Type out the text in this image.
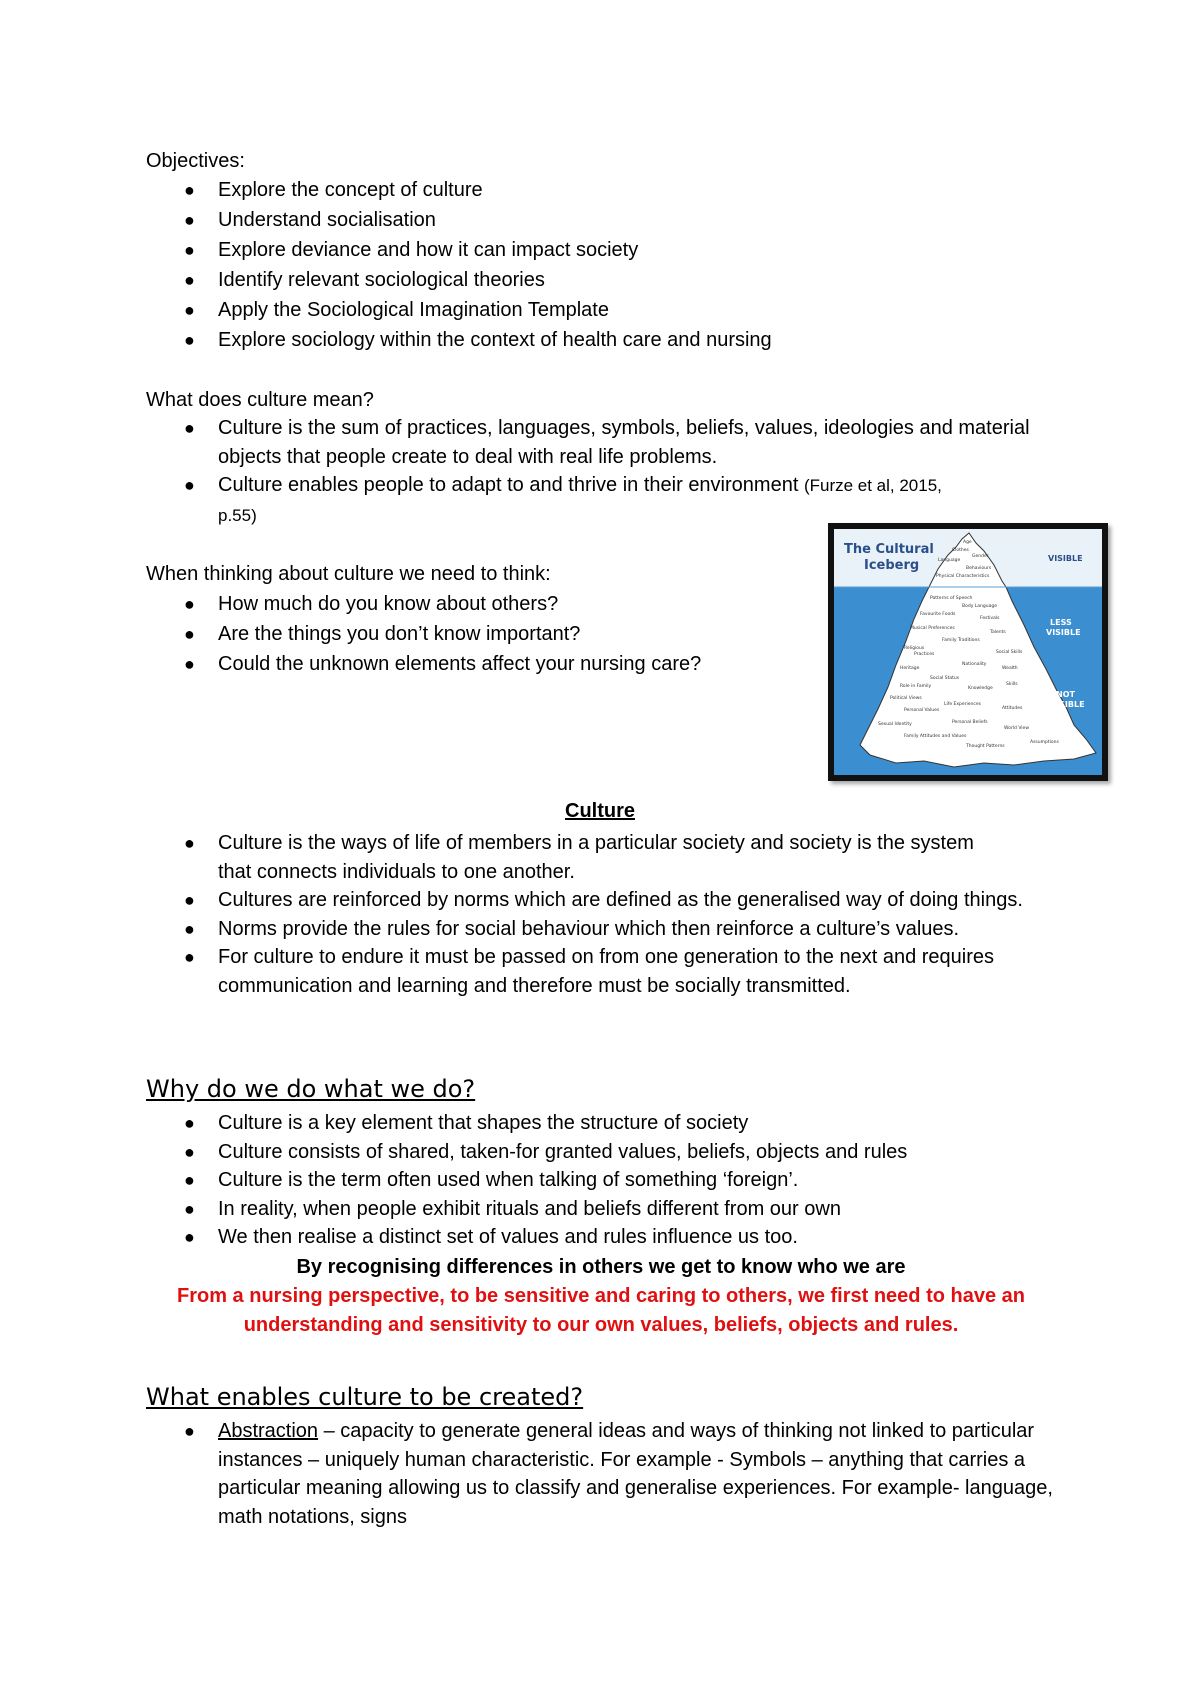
Objectives:
● Explore the concept of culture
● Understand socialisation
● Explore deviance and how it can impact society
● Identify relevant sociological theories
● Apply the Sociological Imagination Template
● Explore sociology within the context of health care and nursing
What does culture mean?
● Culture is the sum of practices, languages, symbols, beliefs, values, ideologies and material objects that people create to deal with real life problems.
● Culture enables people to adapt to and thrive in their environment (Furze et al, 2015, p.55)
When thinking about culture we need to think:
● How much do you know about others?
● Are the things you don’t know important?
● Could the unknown elements affect your nursing care?
The Cultural
Iceberg	VISIBLE
LESS
VISIBLE
NOT
VISIBLE
Age
Clothes
Gender
Language
Behaviours
Physical Characteristics
Patterns of Speech
Body Language
Favourite Foods
Festivals
Musical Preferences
Talents
Family Traditions
Religious
Practices	Social Skills
Heritage
Nationality
Wealth
Social Status
Role in Family	Knowledge
Skills
Political Views
Life Experiences
Personal Values	Attitudes
Sexual Identity	Personal Beliefs
World View
Family Attitudes and Values
Thought Patterns
Assumptions
Culture
● Culture is the ways of life of members in a particular society and society is the system that connects individuals to one another.
● Cultures are reinforced by norms which are defined as the generalised way of doing things.
● Norms provide the rules for social behaviour which then reinforce a culture’s values.
● For culture to endure it must be passed on from one generation to the next and requires communication and learning and therefore must be socially transmitted.
Why do we do what we do?
● Culture is a key element that shapes the structure of society
● Culture consists of shared, taken-for granted values, beliefs, objects and rules
● Culture is the term often used when talking of something ‘foreign’.
● In reality, when people exhibit rituals and beliefs different from our own
● We then realise a distinct set of values and rules influence us too.
By recognising differences in others we get to know who we are
From a nursing perspective, to be sensitive and caring to others, we first need to have an understanding and sensitivity to our own values, beliefs, objects and rules.
What enables culture to be created?
● Abstraction – capacity to generate general ideas and ways of thinking not linked to particular instances – uniquely human characteristic. For example - Symbols – anything that carries a particular meaning allowing us to classify and generalise experiences. For example- language, math notations, signs
